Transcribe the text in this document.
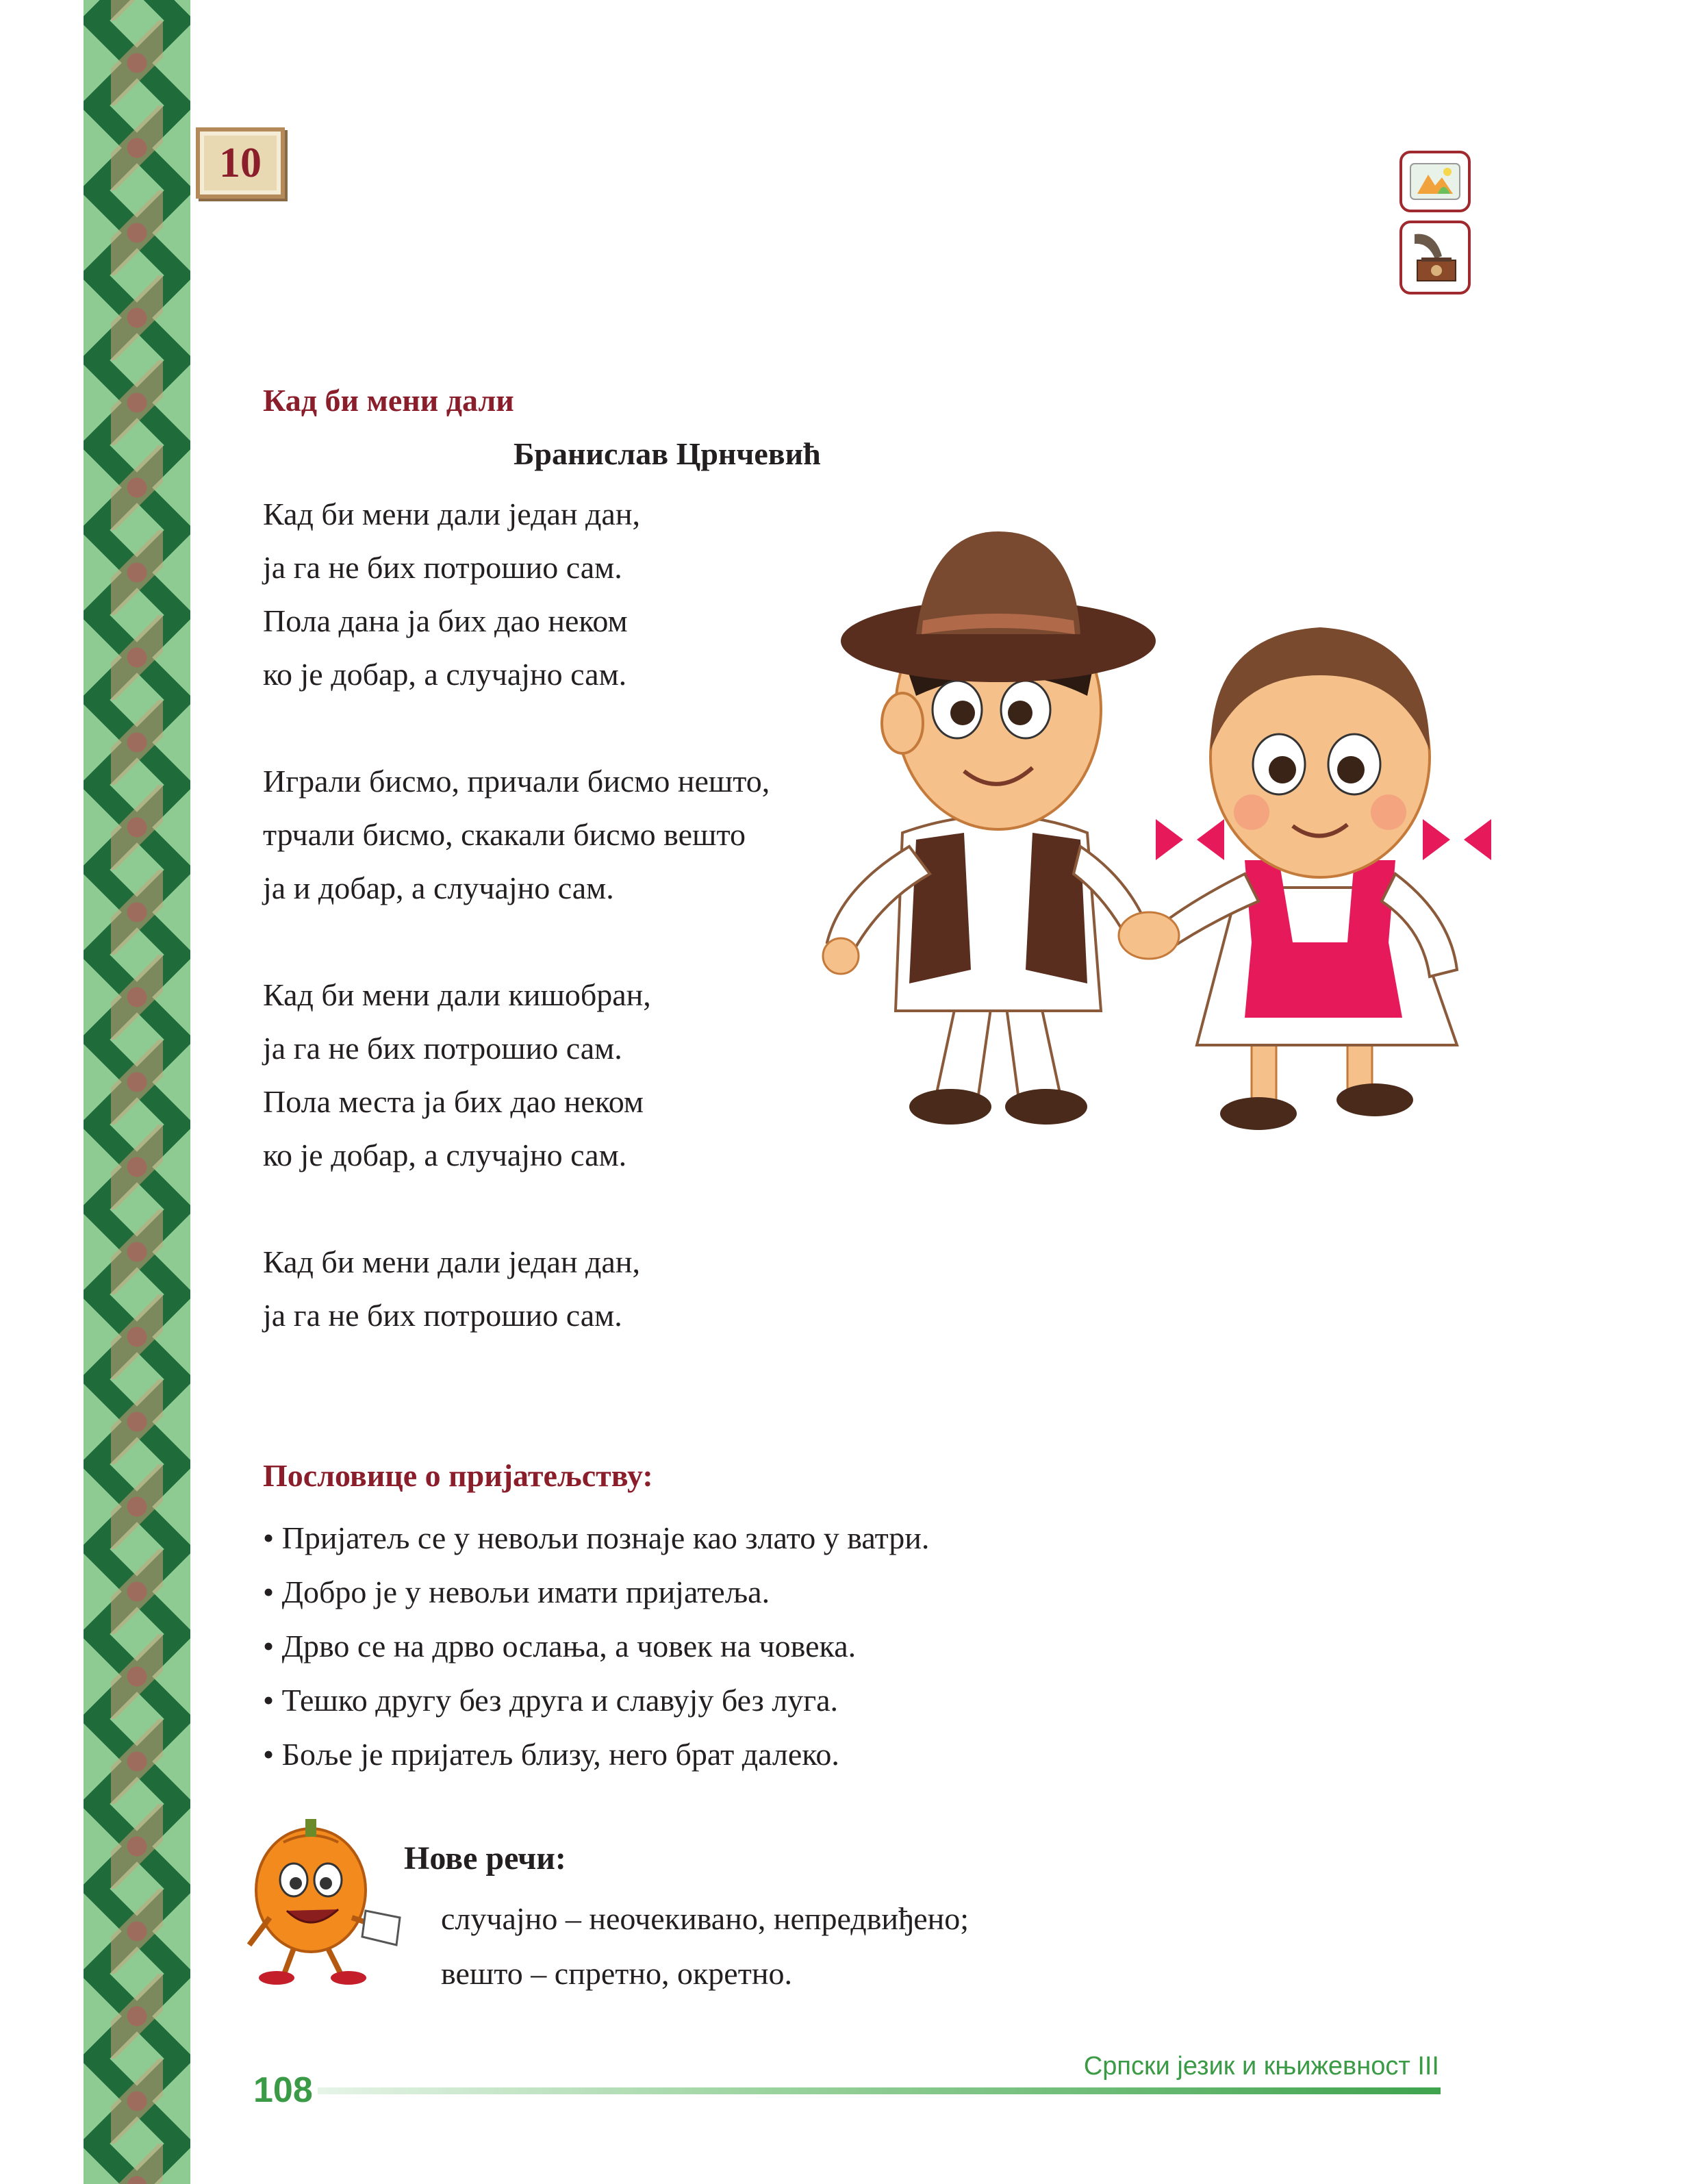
10
Кад би мени дали
Бранислав Црнчевић
Кад би мени дали један дан,
ја га не бих потрошио сам.
Пола дана ја бих дао неком
ко је добар, а случајно сам.
Играли бисмо, причали бисмо нешто,
трчали бисмо, скакали бисмо вешто
ја и добар, а случајно сам.
Кад би мени дали кишобран,
ја га не бих потрошио сам.
Пола места ја бих дао неком
ко је добар, а случајно сам.
Кад би мени дали један дан,
ја га не бих потрошио сам.
Пословице о пријатељству:
• Пријатељ се у невољи познаје као злато у ватри.
• Добро је у невољи имати пријатеља.
• Дрво се на дрво ослања, а човек на човека.
• Тешко другу без друга и славују без луга.
• Боље је пријатељ близу, него брат далеко.
Нове речи:
случајно – неочекивано, непредвиђено;
вешто – спретно, окретно.
Српски језик и књижевност III
108
